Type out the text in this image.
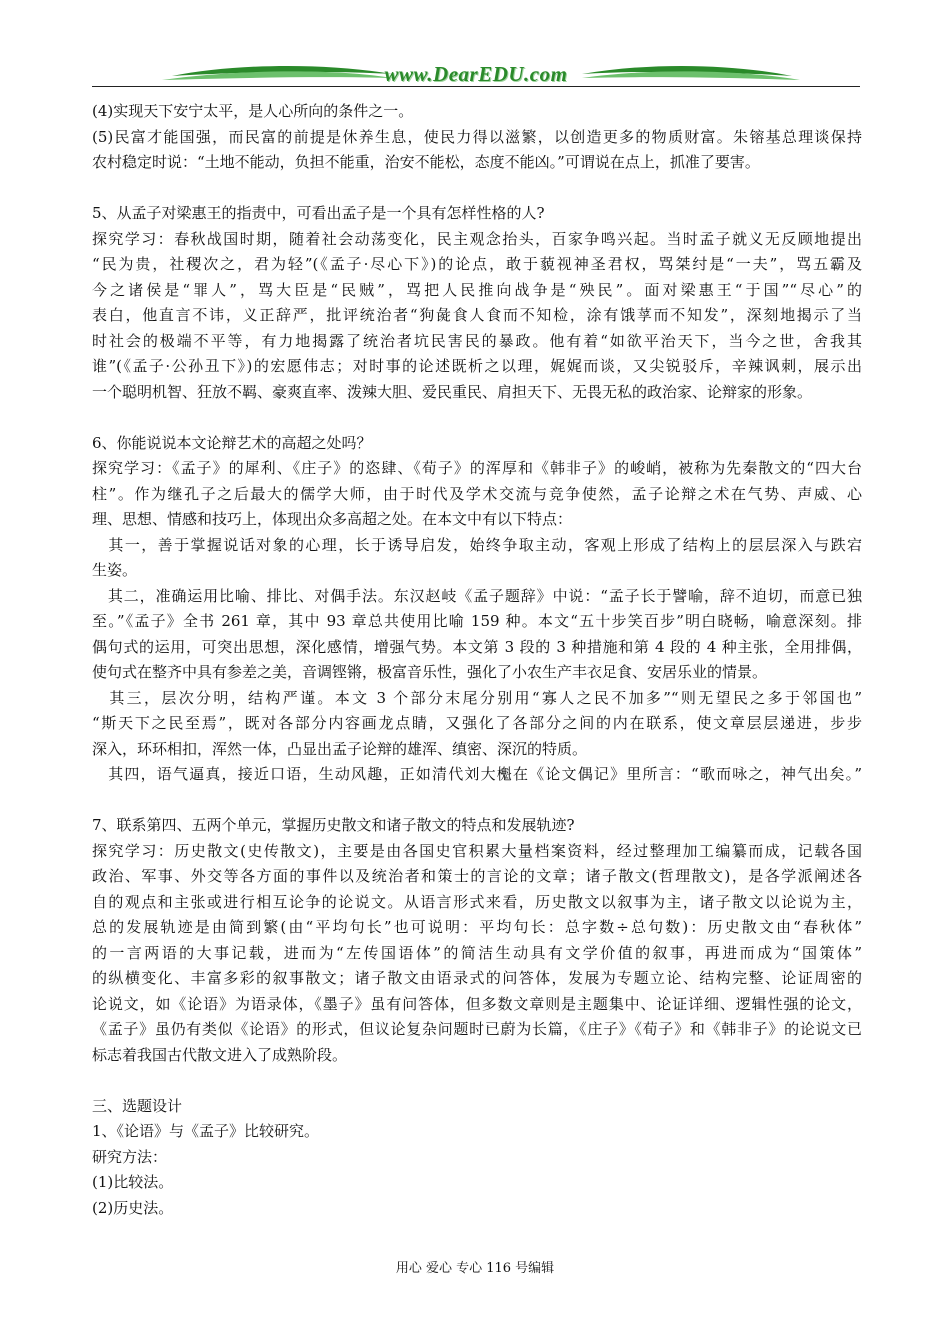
www.DearEDU.com
(4)实现天下安宁太平，是人心所向的条件之一。
(5)民富才能国强，而民富的前提是休养生息，使民力得以滋繁，以创造更多的物质财富。朱镕基总理谈保持
农村稳定时说：“土地不能动，负担不能重，治安不能松，态度不能凶。”可谓说在点上，抓准了要害。
5、从孟子对梁惠王的指责中，可看出孟子是一个具有怎样性格的人?
探究学习：春秋战国时期，随着社会动荡变化，民主观念抬头，百家争鸣兴起。当时孟子就义无反顾地提出
“民为贵，社稷次之，君为轻”(《孟子·尽心下》)的论点，敢于藐视神圣君权，骂桀纣是“一夫”，骂五霸及
今之诸侯是“罪人”，骂大臣是“民贼”，骂把人民推向战争是“殃民”。面对梁惠王“于国”“尽心”的
表白，他直言不讳，义正辞严，批评统治者“狗彘食人食而不知检，涂有饿莩而不知发”，深刻地揭示了当
时社会的极端不平等，有力地揭露了统治者坑民害民的暴政。他有着“如欲平治天下，当今之世，舍我其
谁”(《孟子·公孙丑下》)的宏愿伟志；对时事的论述既析之以理，娓娓而谈，又尖锐驳斥，辛辣讽刺，展示出
一个聪明机智、狂放不羁、豪爽直率、泼辣大胆、爱民重民、肩担天下、无畏无私的政治家、论辩家的形象。
6、你能说说本文论辩艺术的高超之处吗？
探究学习：《孟子》的犀利、《庄子》的恣肆、《荀子》的浑厚和《韩非子》的峻峭，被称为先秦散文的“四大台
柱”。作为继孔子之后最大的儒学大师，由于时代及学术交流与竞争使然，孟子论辩之术在气势、声威、心
理、思想、情感和技巧上，体现出众多高超之处。在本文中有以下特点：
　其一，善于掌握说话对象的心理，长于诱导启发，始终争取主动，客观上形成了结构上的层层深入与跌宕
生姿。
　其二，准确运用比喻、排比、对偶手法。东汉赵岐《孟子题辞》中说：“孟子长于譬喻，辞不迫切，而意已独
至。”《孟子》全书 261 章，其中 93 章总共使用比喻 159 种。本文“五十步笑百步”明白晓畅，喻意深刻。排
偶句式的运用，可突出思想，深化感情，增强气势。本文第 3 段的 3 种措施和第 4 段的 4 种主张，全用排偶，
使句式在整齐中具有参差之美，音调铿锵，极富音乐性，强化了小农生产丰衣足食、安居乐业的情景。
　其三，层次分明，结构严谨。本文 3 个部分末尾分别用“寡人之民不加多”“则无望民之多于邻国也”
“斯天下之民至焉”，既对各部分内容画龙点睛，又强化了各部分之间的内在联系，使文章层层递进，步步
深入，环环相扣，浑然一体，凸显出孟子论辩的雄浑、缜密、深沉的特质。
　其四，语气逼真，接近口语，生动风趣，正如清代刘大櫆在《论文偶记》里所言：“歌而咏之，神气出矣。”
7、联系第四、五两个单元，掌握历史散文和诸子散文的特点和发展轨迹?
探究学习：历史散文(史传散文)，主要是由各国史官积累大量档案资料，经过整理加工编纂而成，记载各国
政治、军事、外交等各方面的事件以及统治者和策士的言论的文章；诸子散文(哲理散文)，是各学派阐述各
自的观点和主张或进行相互论争的论说文。从语言形式来看，历史散文以叙事为主，诸子散文以论说为主，
总的发展轨迹是由简到繁(由“平均句长”也可说明：平均句长：总字数÷总句数)：历史散文由“春秋体”
的一言两语的大事记载，进而为“左传国语体”的简洁生动具有文学价值的叙事，再进而成为“国策体”
的纵横变化、丰富多彩的叙事散文；诸子散文由语录式的问答体，发展为专题立论、结构完整、论证周密的
论说文，如《论语》为语录体，《墨子》虽有问答体，但多数文章则是主题集中、论证详细、逻辑性强的论文，
《孟子》虽仍有类似《论语》的形式，但议论复杂问题时已蔚为长篇，《庄子》《荀子》和《韩非子》的论说文已
标志着我国古代散文进入了成熟阶段。
三、选题设计
1、《论语》与《孟子》比较研究。
研究方法：
(1)比较法。
(2)历史法。
用心 爱心 专心 116 号编辑
